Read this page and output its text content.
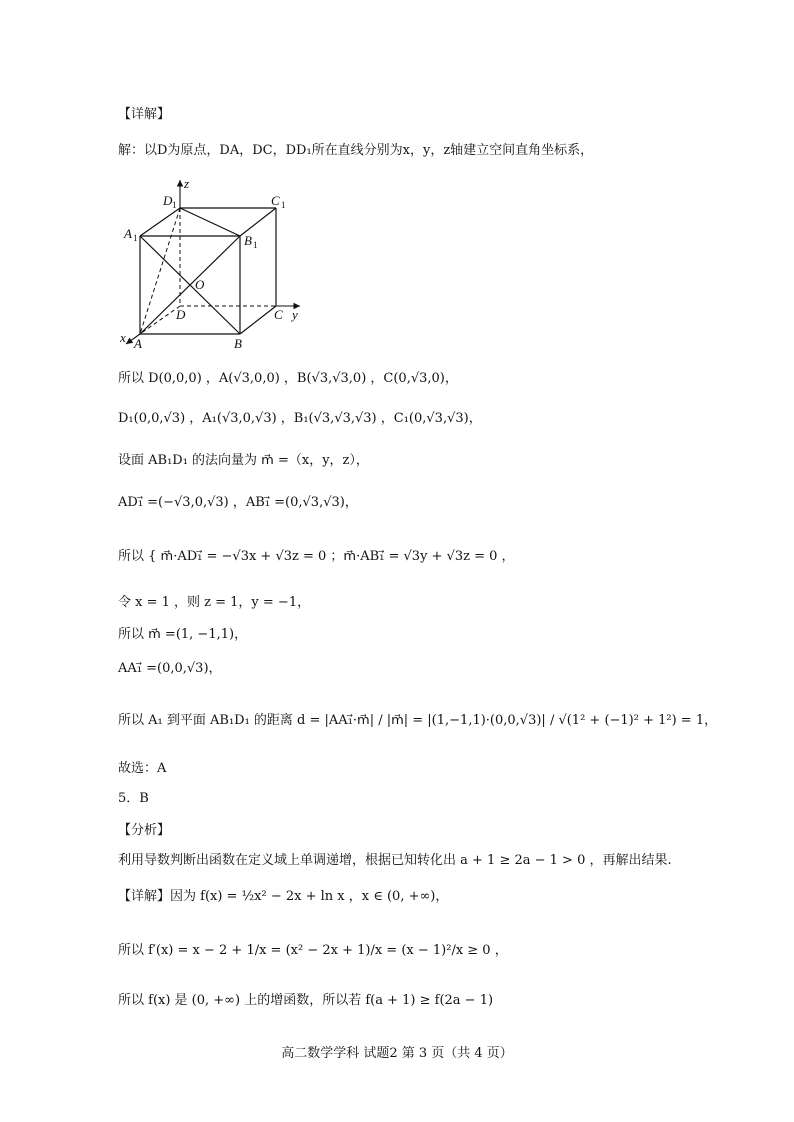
【详解】
解：以D为原点，DA，DC，DD₁所在直线分别为x，y，z轴建立空间直角坐标系，
z
D 1	C 1
A 1	B 1
O
D	C y
x A	B
所以 D(0,0,0) ，A(√3,0,0) ，B(√3,√3,0) ，C(0,√3,0)，
D₁(0,0,√3) ，A₁(√3,0,√3) ，B₁(√3,√3,√3) ，C₁(0,√3,√3)，
设面 AB₁D₁ 的法向量为 m⃗ =（x，y，z），
AD₁⃗ =(−√3,0,√3) ，AB₁⃗ =(0,√3,√3)，
所以 { m⃗·AD₁⃗ = −√3x + √3z = 0 ；m⃗·AB₁⃗ = √3y + √3z = 0 ，
令 x = 1 ，则 z = 1，y = −1，
所以 m⃗ =(1, −1,1)，
AA₁⃗ =(0,0,√3)，
所以 A₁ 到平面 AB₁D₁ 的距离 d = |AA₁⃗·m⃗| / |m⃗| = |(1,−1,1)·(0,0,√3)| / √(1² + (−1)² + 1²) = 1，
故选：A
5．B
【分析】
利用导数判断出函数在定义域上单调递增，根据已知转化出 a + 1 ≥ 2a − 1 > 0 ，再解出结果.
【详解】因为 f(x) = ½x² − 2x + ln x ，x ∈ (0, +∞)，
所以 f′(x) = x − 2 + 1/x = (x² − 2x + 1)/x = (x − 1)²/x ≥ 0 ，
所以 f(x) 是 (0, +∞) 上的增函数，所以若 f(a + 1) ≥ f(2a − 1)
高二数学学科 试题2 第 3 页（共 4 页）
